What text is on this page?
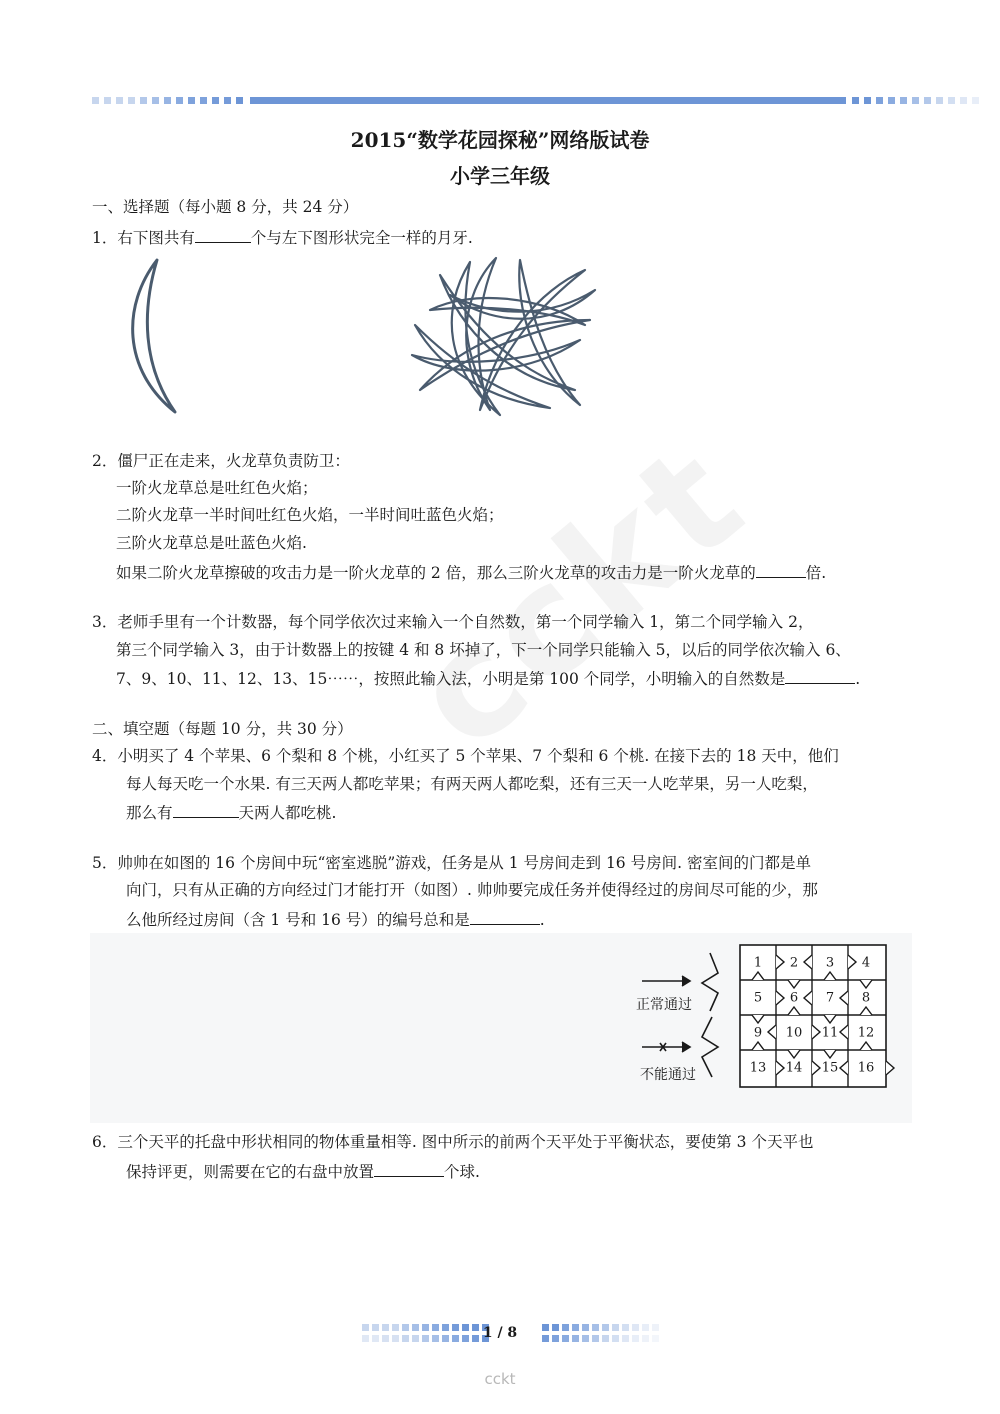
2015“数学花园探秘”网络版试卷
小学三年级
一、选择题（每小题 8 分，共 24 分）
1．右下图共有	个与左下图形状完全一样的月牙.
2．僵尸正在走来，火龙草负责防卫：
一阶火龙草总是吐红色火焰；
二阶火龙草一半时间吐红色火焰，一半时间吐蓝色火焰；
三阶火龙草总是吐蓝色火焰.
如果二阶火龙草擦破的攻击力是一阶火龙草的 2 倍，那么三阶火龙草的攻击力是一阶火龙草的	倍.
3．老师手里有一个计数器，每个同学依次过来输入一个自然数，第一个同学输入 1，第二个同学输入 2，
第三个同学输入 3，由于计数器上的按键 4 和 8 坏掉了，下一个同学只能输入 5，以后的同学依次输入 6、
7、9、10、11、12、13、15⋯⋯，按照此输入法，小明是第 100 个同学，小明输入的自然数是	.
二、填空题（每题 10 分，共 30 分）
4．小明买了 4 个苹果、6 个梨和 8 个桃，小红买了 5 个苹果、7 个梨和 6 个桃. 在接下去的 18 天中，他们
每人每天吃一个水果. 有三天两人都吃苹果；有两天两人都吃梨，还有三天一人吃苹果，另一人吃梨，
那么有	天两人都吃桃.
5．帅帅在如图的 16 个房间中玩“密室逃脱”游戏，任务是从 1 号房间走到 16 号房间. 密室间的门都是单
向门，只有从正确的方向经过门才能打开（如图）. 帅帅要完成任务并使得经过的房间尽可能的少，那
么他所经过房间（含 1 号和 16 号）的编号总和是	.
正常通过
不能通过
1 2 3 4
5 6 7 8
9 10 11 12
13 14 15 16
6．三个天平的托盘中形状相同的物体重量相等. 图中所示的前两个天平处于平衡状态，要使第 3 个天平也
保持评更，则需要在它的右盘中放置	个球.
1 / 8
cckt
